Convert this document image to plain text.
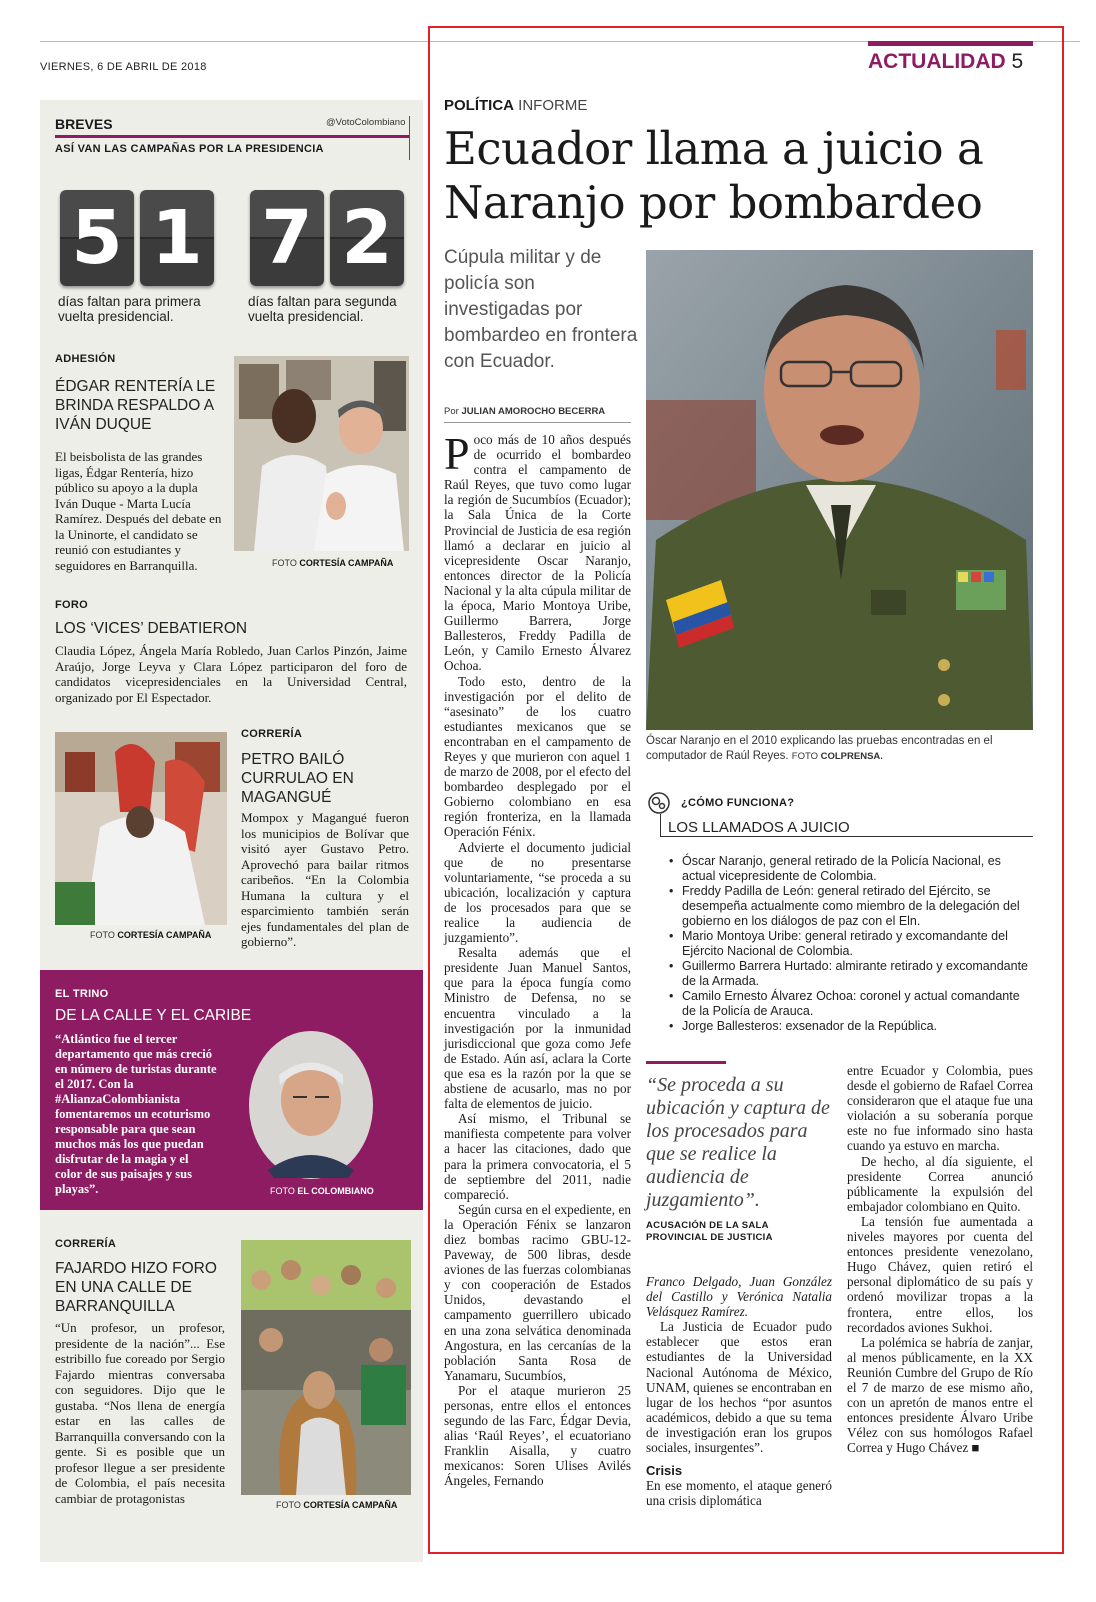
VIERNES, 6 DE ABRIL DE 2018
BREVES	@VotoColombiano
ASÍ VAN LAS CAMPAÑAS POR LA PRESIDENCIA
5 1
días faltan para primera vuelta presidencial.
7 2
días faltan para segunda vuelta presidencial.
ADHESIÓN
ÉDGAR RENTERÍA LE BRINDA RESPALDO A IVÁN DUQUE
El beisbolista de las grandes ligas, Édgar Rentería, hizo público su apoyo a la dupla Iván Duque - Marta Lucía Ramírez. Después del debate en la Uninorte, el candidato se reunió con estudiantes y seguidores en Barranquilla.	FOTO CORTESÍA CAMPAÑA
FORO
LOS ‘VICES’ DEBATIERON
Claudia López, Ángela María Robledo, Juan Carlos Pinzón, Jaime Araújo, Jorge Leyva y Clara López participaron del foro de candidatos vicepresidenciales en la Universidad Central, organizado por El Espectador.
FOTO CORTESÍA CAMPAÑA
CORRERÍA
PETRO BAILÓ CURRULAO EN MAGANGUÉ
Mompox y Magangué fueron los municipios de Bolívar que visitó ayer Gustavo Petro. Aprovechó para bailar ritmos caribeños. “En la Colombia Humana la cultura y el esparcimiento también serán ejes fundamentales del plan de gobierno”.
EL TRINO
DE LA CALLE Y EL CARIBE
“Atlántico fue el tercer departamento que más creció en número de turistas durante el 2017. Con la #AlianzaColombianista fomentaremos un ecoturismo responsable para que sean muchos más los que puedan disfrutar de la magia y el color de sus paisajes y sus playas”.	FOTO EL COLOMBIANO
CORRERÍA
FAJARDO HIZO FORO EN UNA CALLE DE BARRANQUILLA
“Un profesor, un profesor, presidente de la nación”... Ese estribillo fue coreado por Sergio Fajardo mientras conversaba con seguidores. Dijo que le gustaba. “Nos llena de energía estar en las calles de Barranquilla conversando con la gente. Si es posible que un profesor llegue a ser presidente de Colombia, el país necesita cambiar de protagonistas	FOTO CORTESÍA CAMPAÑA
ACTUALIDAD 5
POLÍTICA INFORME
Ecuador llama a juicio a Naranjo por bombardeo
Cúpula militar y de policía son investigadas por bombardeo en frontera con Ecuador.
Por JULIAN AMOROCHO BECERRA
Óscar Naranjo en el 2010 explicando las pruebas encontradas en el computador de Raúl Reyes. FOTO COLPRENSA.
¿CÓMO FUNCIONA?
LOS LLAMADOS A JUICIO
• Óscar Naranjo, general retirado de la Policía Nacional, es actual vicepresidente de Colombia.
• Freddy Padilla de León: general retirado del Ejército, se desempeña actualmente como miembro de la delegación del gobierno en los diálogos de paz con el Eln.
• Mario Montoya Uribe: general retirado y excomandante del Ejército Nacional de Colombia.
• Guillermo Barrera Hurtado: almirante retirado y excomandante de la Armada.
• Camilo Ernesto Álvarez Ochoa: coronel y actual comandante de la Policía de Arauca.
• Jorge Ballesteros: exsenador de la República.

Poco más de 10 años después de ocurrido el bombardeo contra el campamento de Raúl Reyes, que tuvo como lugar la región de Sucumbíos (Ecuador); la Sala Única de la Corte Provincial de Justicia de esa región llamó a declarar en juicio al vicepresidente Oscar Naranjo, entonces director de la Policía Nacional y la alta cúpula militar de la época, Mario Montoya Uribe, Guillermo Barrera, Jorge Ballesteros, Freddy Padilla de León, y Camilo Ernesto Álvarez Ochoa.

Todo esto, dentro de la investigación por el delito de “asesinato” de los cuatro estudiantes mexicanos que se encontraban en el campamento de Reyes y que murieron con aquel 1 de marzo de 2008, por el efecto del bombardeo desplegado por el Gobierno colombiano en esa región fronteriza, en la llamada Operación Fénix.

Advierte el documento judicial que de no presentarse voluntariamente, “se proceda a su ubicación, localización y captura de los procesados para que se realice la audiencia de juzgamiento”.

Resalta además que el presidente Juan Manuel Santos, que para la época fungía como Ministro de Defensa, no se encuentra vinculado a la investigación por la inmunidad jurisdiccional que goza como Jefe de Estado. Aún así, aclara la Corte que esa es la razón por la que se abstiene de acusarlo, mas no por falta de elementos de juicio.

Así mismo, el Tribunal se manifiesta competente para volver a hacer las citaciones, dado que para la primera convocatoria, el 5 de septiembre del 2011, nadie compareció.

Según cursa en el expediente, en la Operación Fénix se lanzaron diez bombas racimo GBU-12-Paveway, de 500 libras, desde aviones de las fuerzas colombianas y con cooperación de Estados Unidos, devastando el campamento guerrillero ubicado en una zona selvática denominada Angostura, en las cercanías de la población Santa Rosa de Yanamaru, Sucumbíos,

Por el ataque murieron 25 personas, entre ellos el entonces segundo de las Farc, Édgar Devia, alias ‘Raúl Reyes’, el ecuatoriano Franklin Aisalla, y cuatro mexicanos: Soren Ulises Avilés Ángeles, Fernando

“Se proceda a su ubicación y captura de los procesados para que se realice la audiencia de juzgamiento”.
ACUSACIÓN DE LA SALA PROVINCIAL DE JUSTICIA

Franco Delgado, Juan González del Castillo y Verónica Natalia Velásquez Ramírez.

La Justicia de Ecuador pudo establecer que estos eran estudiantes de la Universidad Nacional Autónoma de México, UNAM, quienes se encontraban en lugar de los hechos “por asuntos académicos, debido a que su tema de investigación eran los grupos sociales, insurgentes”.

Crisis

En ese momento, el ataque generó una crisis diplomática

entre Ecuador y Colombia, pues desde el gobierno de Rafael Correa consideraron que el ataque fue una violación a su soberanía porque este no fue informado sino hasta cuando ya estuvo en marcha.

De hecho, al día siguiente, el presidente Correa anunció públicamente la expulsión del embajador colombiano en Quito.

La tensión fue aumentada a niveles mayores por cuenta del entonces presidente venezolano, Hugo Chávez, quien retiró el personal diplomático de su país y ordenó movilizar tropas a la frontera, entre ellos, los recordados aviones Sukhoi.

La polémica se habría de zanjar, al menos públicamente, en la XX Reunión Cumbre del Grupo de Río el 7 de marzo de ese mismo año, con un apretón de manos entre el entonces presidente Álvaro Uribe Vélez con sus homólogos Rafael Correa y Hugo Chávez ■
